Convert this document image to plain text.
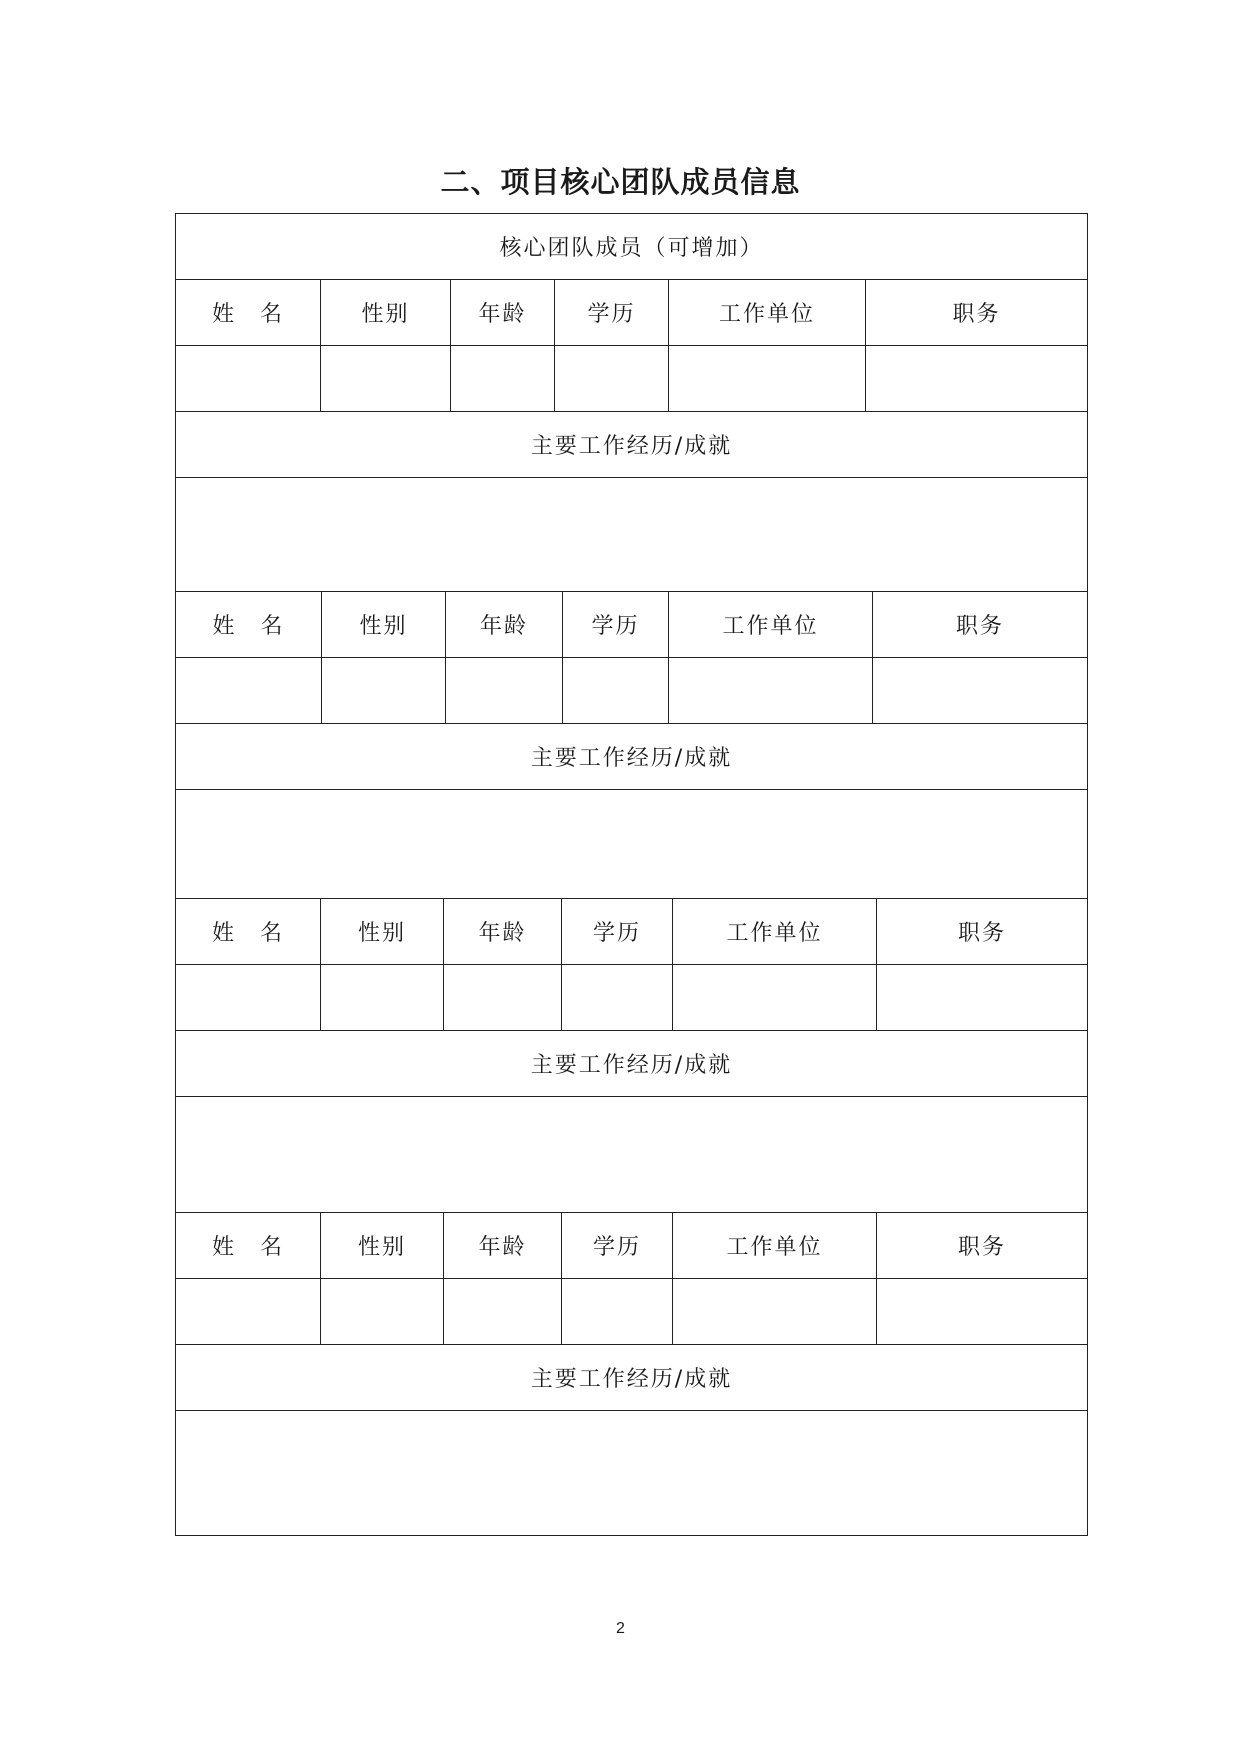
二、项目核心团队成员信息
核心团队成员（可增加）
姓　名	性别	年龄	学历	工作单位	职务
主要工作经历/成就
姓　名	性别	年龄	学历	工作单位	职务
主要工作经历/成就
姓　名	性别	年龄	学历	工作单位	职务
主要工作经历/成就
姓　名	性别	年龄	学历	工作单位	职务
主要工作经历/成就
2
